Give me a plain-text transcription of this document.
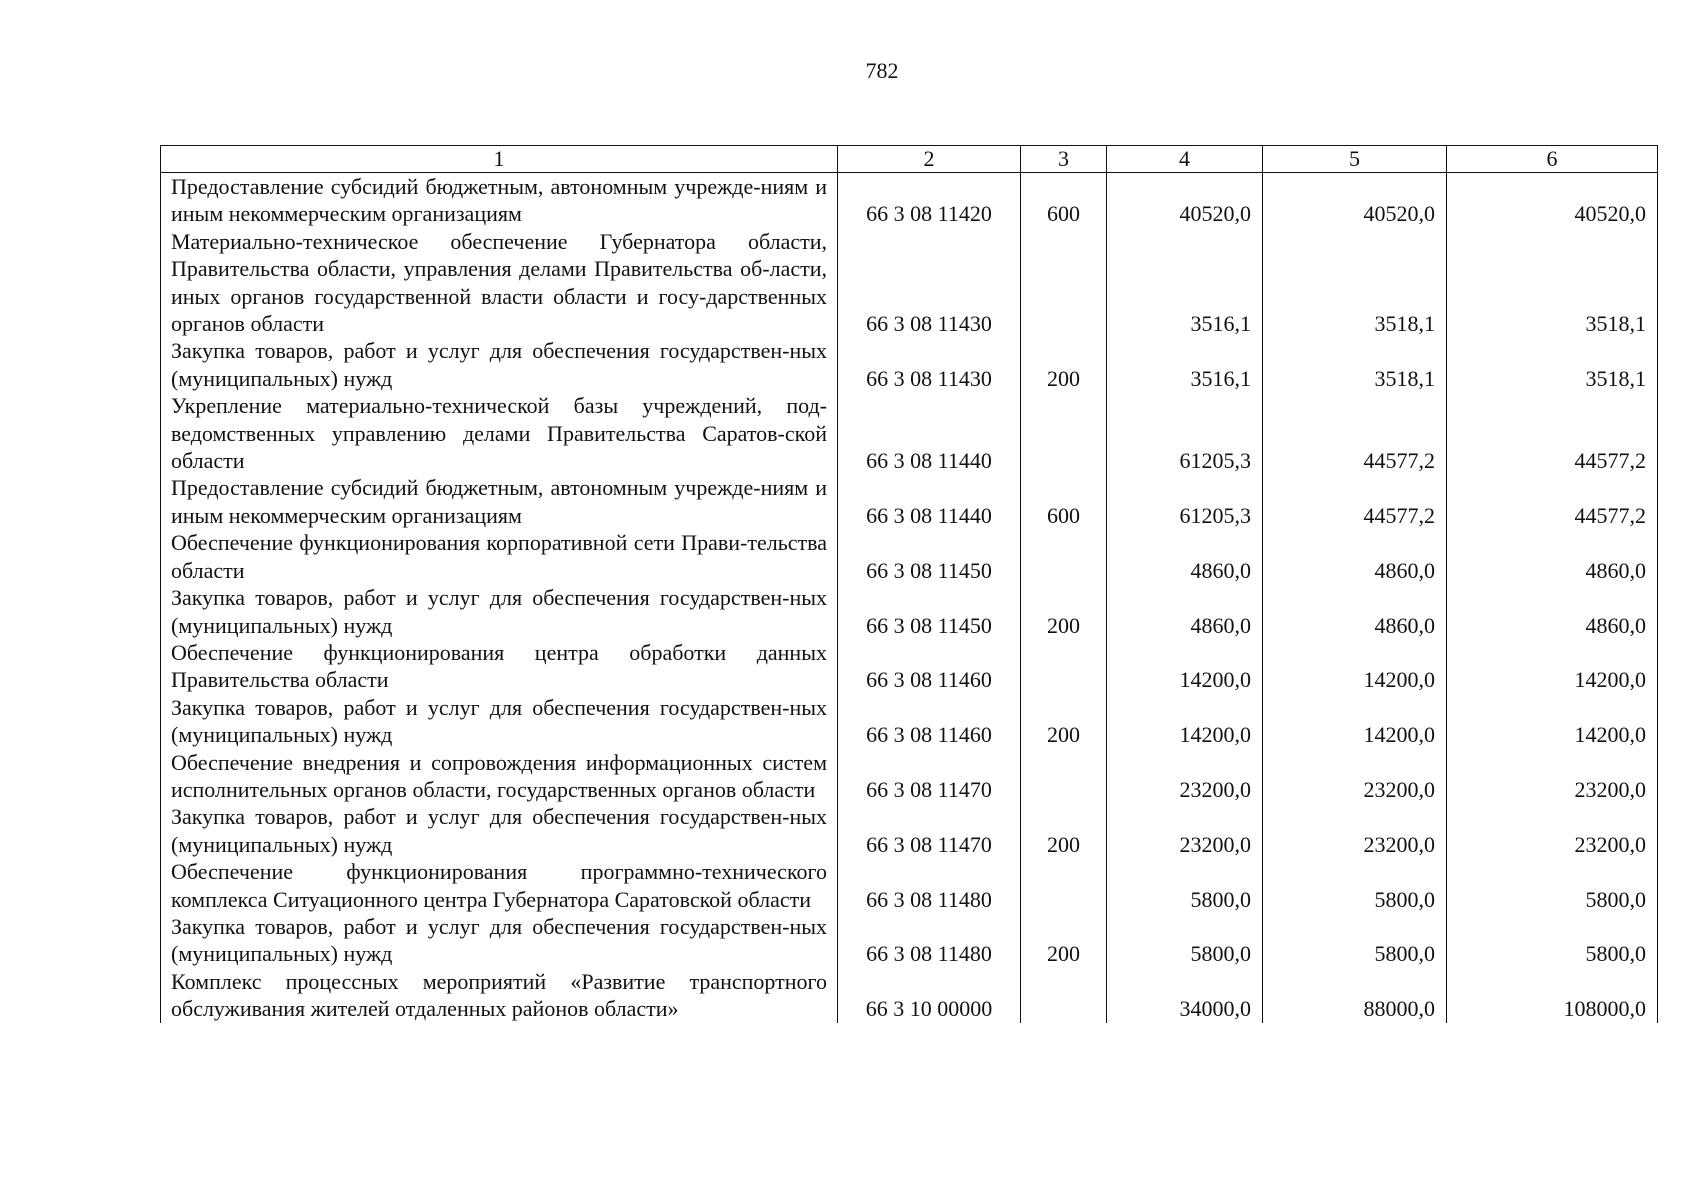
782
1	2	3	4	5	6
Предоставление субсидий бюджетным, автономным учрежде-ниям и иным некоммерческим организациям	66 3 08 11420	600	40520,0	40520,0	40520,0
Материально-техническое обеспечение Губернатора области, Правительства области, управления делами Правительства об-ласти, иных органов государственной власти области и госу-дарственных органов области	66 3 08 11430		3516,1	3518,1	3518,1
Закупка товаров, работ и услуг для обеспечения государствен-ных (муниципальных) нужд	66 3 08 11430	200	3516,1	3518,1	3518,1
Укрепление материально-технической базы учреждений, под-ведомственных управлению делами Правительства Саратов-ской области	66 3 08 11440		61205,3	44577,2	44577,2
Предоставление субсидий бюджетным, автономным учрежде-ниям и иным некоммерческим организациям	66 3 08 11440	600	61205,3	44577,2	44577,2
Обеспечение функционирования корпоративной сети Прави-тельства области	66 3 08 11450		4860,0	4860,0	4860,0
Закупка товаров, работ и услуг для обеспечения государствен-ных (муниципальных) нужд	66 3 08 11450	200	4860,0	4860,0	4860,0
Обеспечение функционирования центра обработки данных Правительства области	66 3 08 11460		14200,0	14200,0	14200,0
Закупка товаров, работ и услуг для обеспечения государствен-ных (муниципальных) нужд	66 3 08 11460	200	14200,0	14200,0	14200,0
Обеспечение внедрения и сопровождения информационных систем исполнительных органов области, государственных органов области	66 3 08 11470		23200,0	23200,0	23200,0
Закупка товаров, работ и услуг для обеспечения государствен-ных (муниципальных) нужд	66 3 08 11470	200	23200,0	23200,0	23200,0
Обеспечение функционирования программно-технического комплекса Ситуационного центра Губернатора Саратовской области	66 3 08 11480		5800,0	5800,0	5800,0
Закупка товаров, работ и услуг для обеспечения государствен-ных (муниципальных) нужд	66 3 08 11480	200	5800,0	5800,0	5800,0
Комплекс процессных мероприятий «Развитие транспортного обслуживания жителей отдаленных районов области»	66 3 10 00000		34000,0	88000,0	108000,0
